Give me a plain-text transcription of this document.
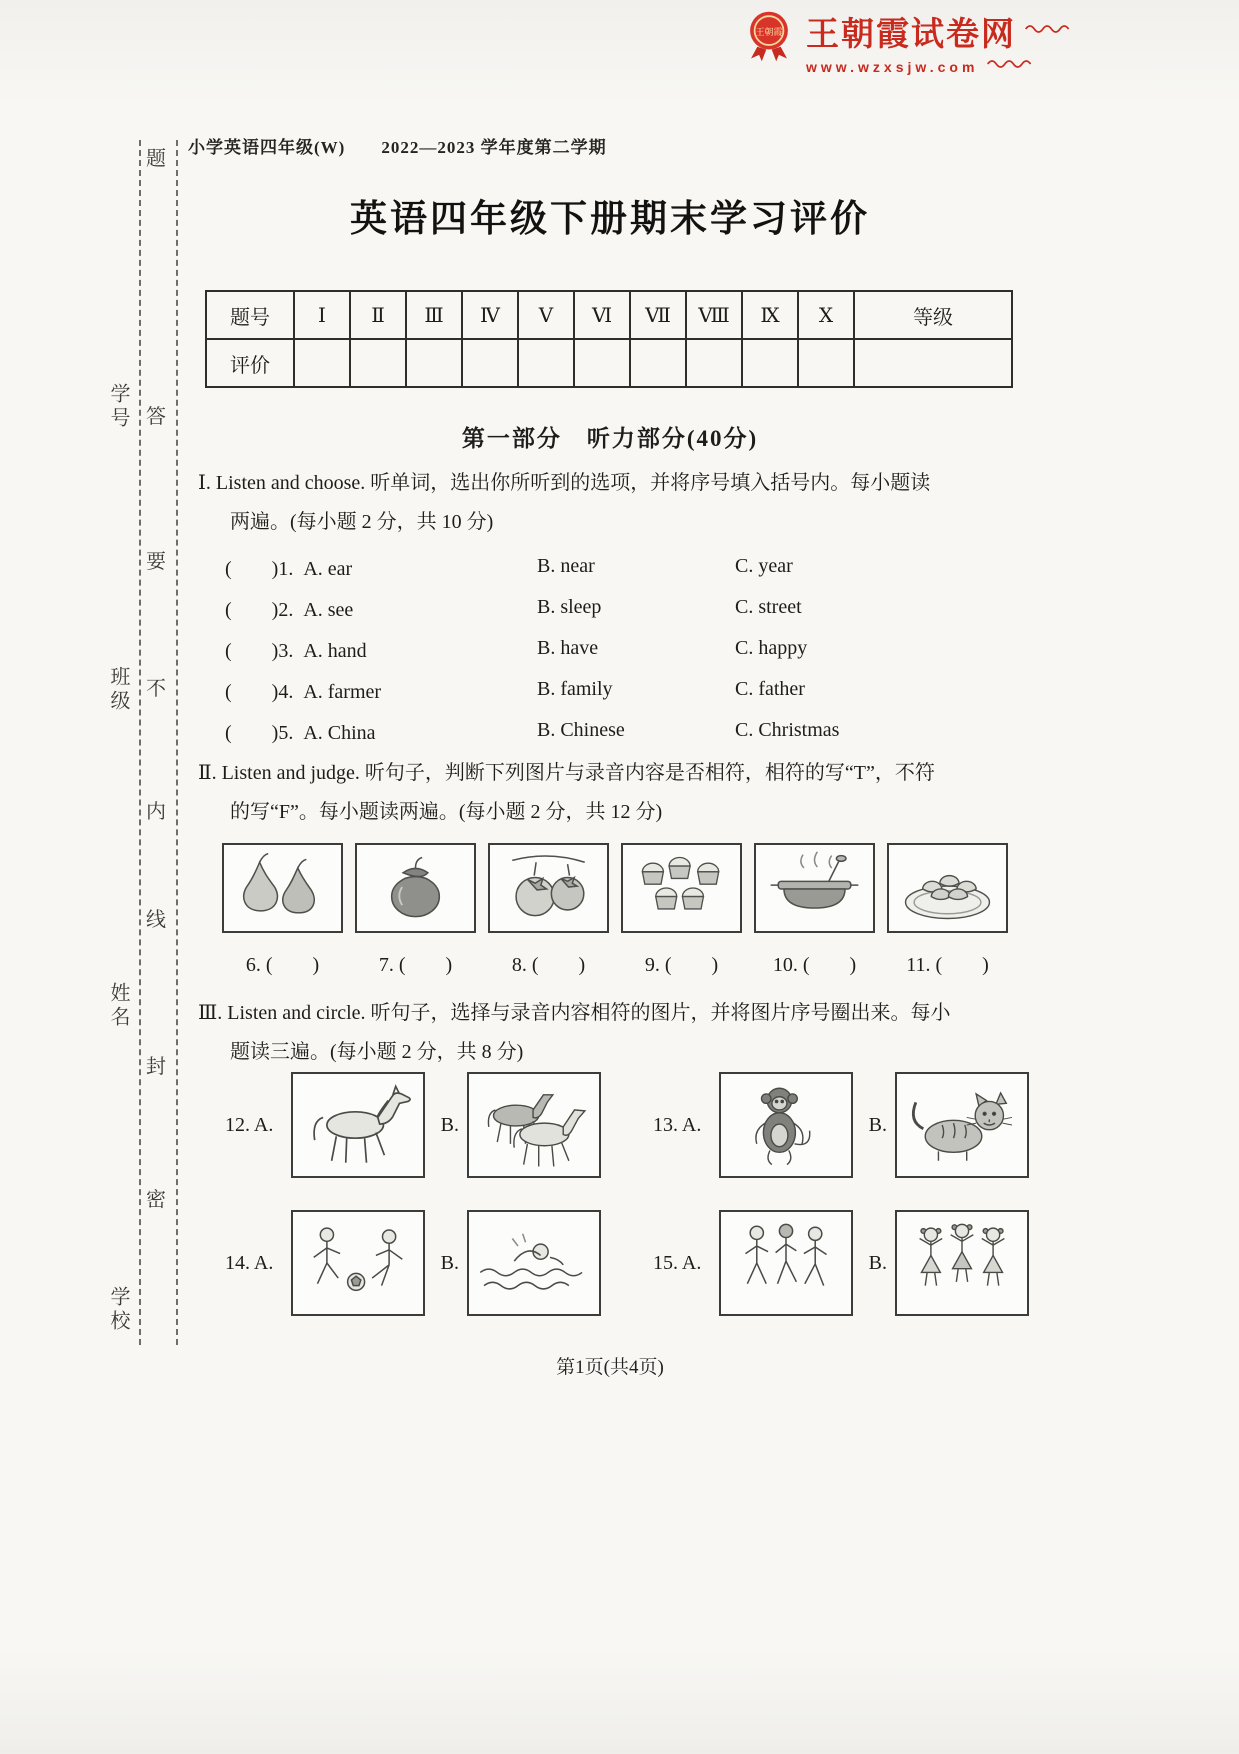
题
答
要
不
内
线
封
密
学号
班级
姓名
学校
王朝霞 王朝霞试卷网
www.wzxsjw.com
小学英语四年级(W)　　2022—2023 学年度第二学期
英语四年级下册期末学习评价
题号	Ⅰ	Ⅱ	Ⅲ	Ⅳ	Ⅴ	Ⅵ	Ⅶ	Ⅷ	Ⅸ	Ⅹ	等级
评价											
第一部分　听力部分(40分)
Ⅰ. Listen and choose. 听单词，选出你所听到的选项，并将序号填入括号内。每小题读
两遍。(每小题 2 分，共 10 分)
(　　)1. A. ear	B. near	C. year
(　　)2. A. see	B. sleep	C. street
(　　)3. A. hand	B. have	C. happy
(　　)4. A. farmer	B. family	C. father
(　　)5. A. China	B. Chinese	C. Christmas
Ⅱ. Listen and judge. 听句子，判断下列图片与录音内容是否相符，相符的写“T”，不符
的写“F”。每小题读两遍。(每小题 2 分，共 12 分)
6. (　　)	7. (　　)	8. (　　)	9. (　　)	10. (　　)	11. (　　)
Ⅲ. Listen and circle. 听句子，选择与录音内容相符的图片，并将图片序号圈出来。每小
题读三遍。(每小题 2 分，共 8 分)
12. A.	B.	13. A.	B.
14. A.	B.	15. A.	B.
第1页(共4页)
